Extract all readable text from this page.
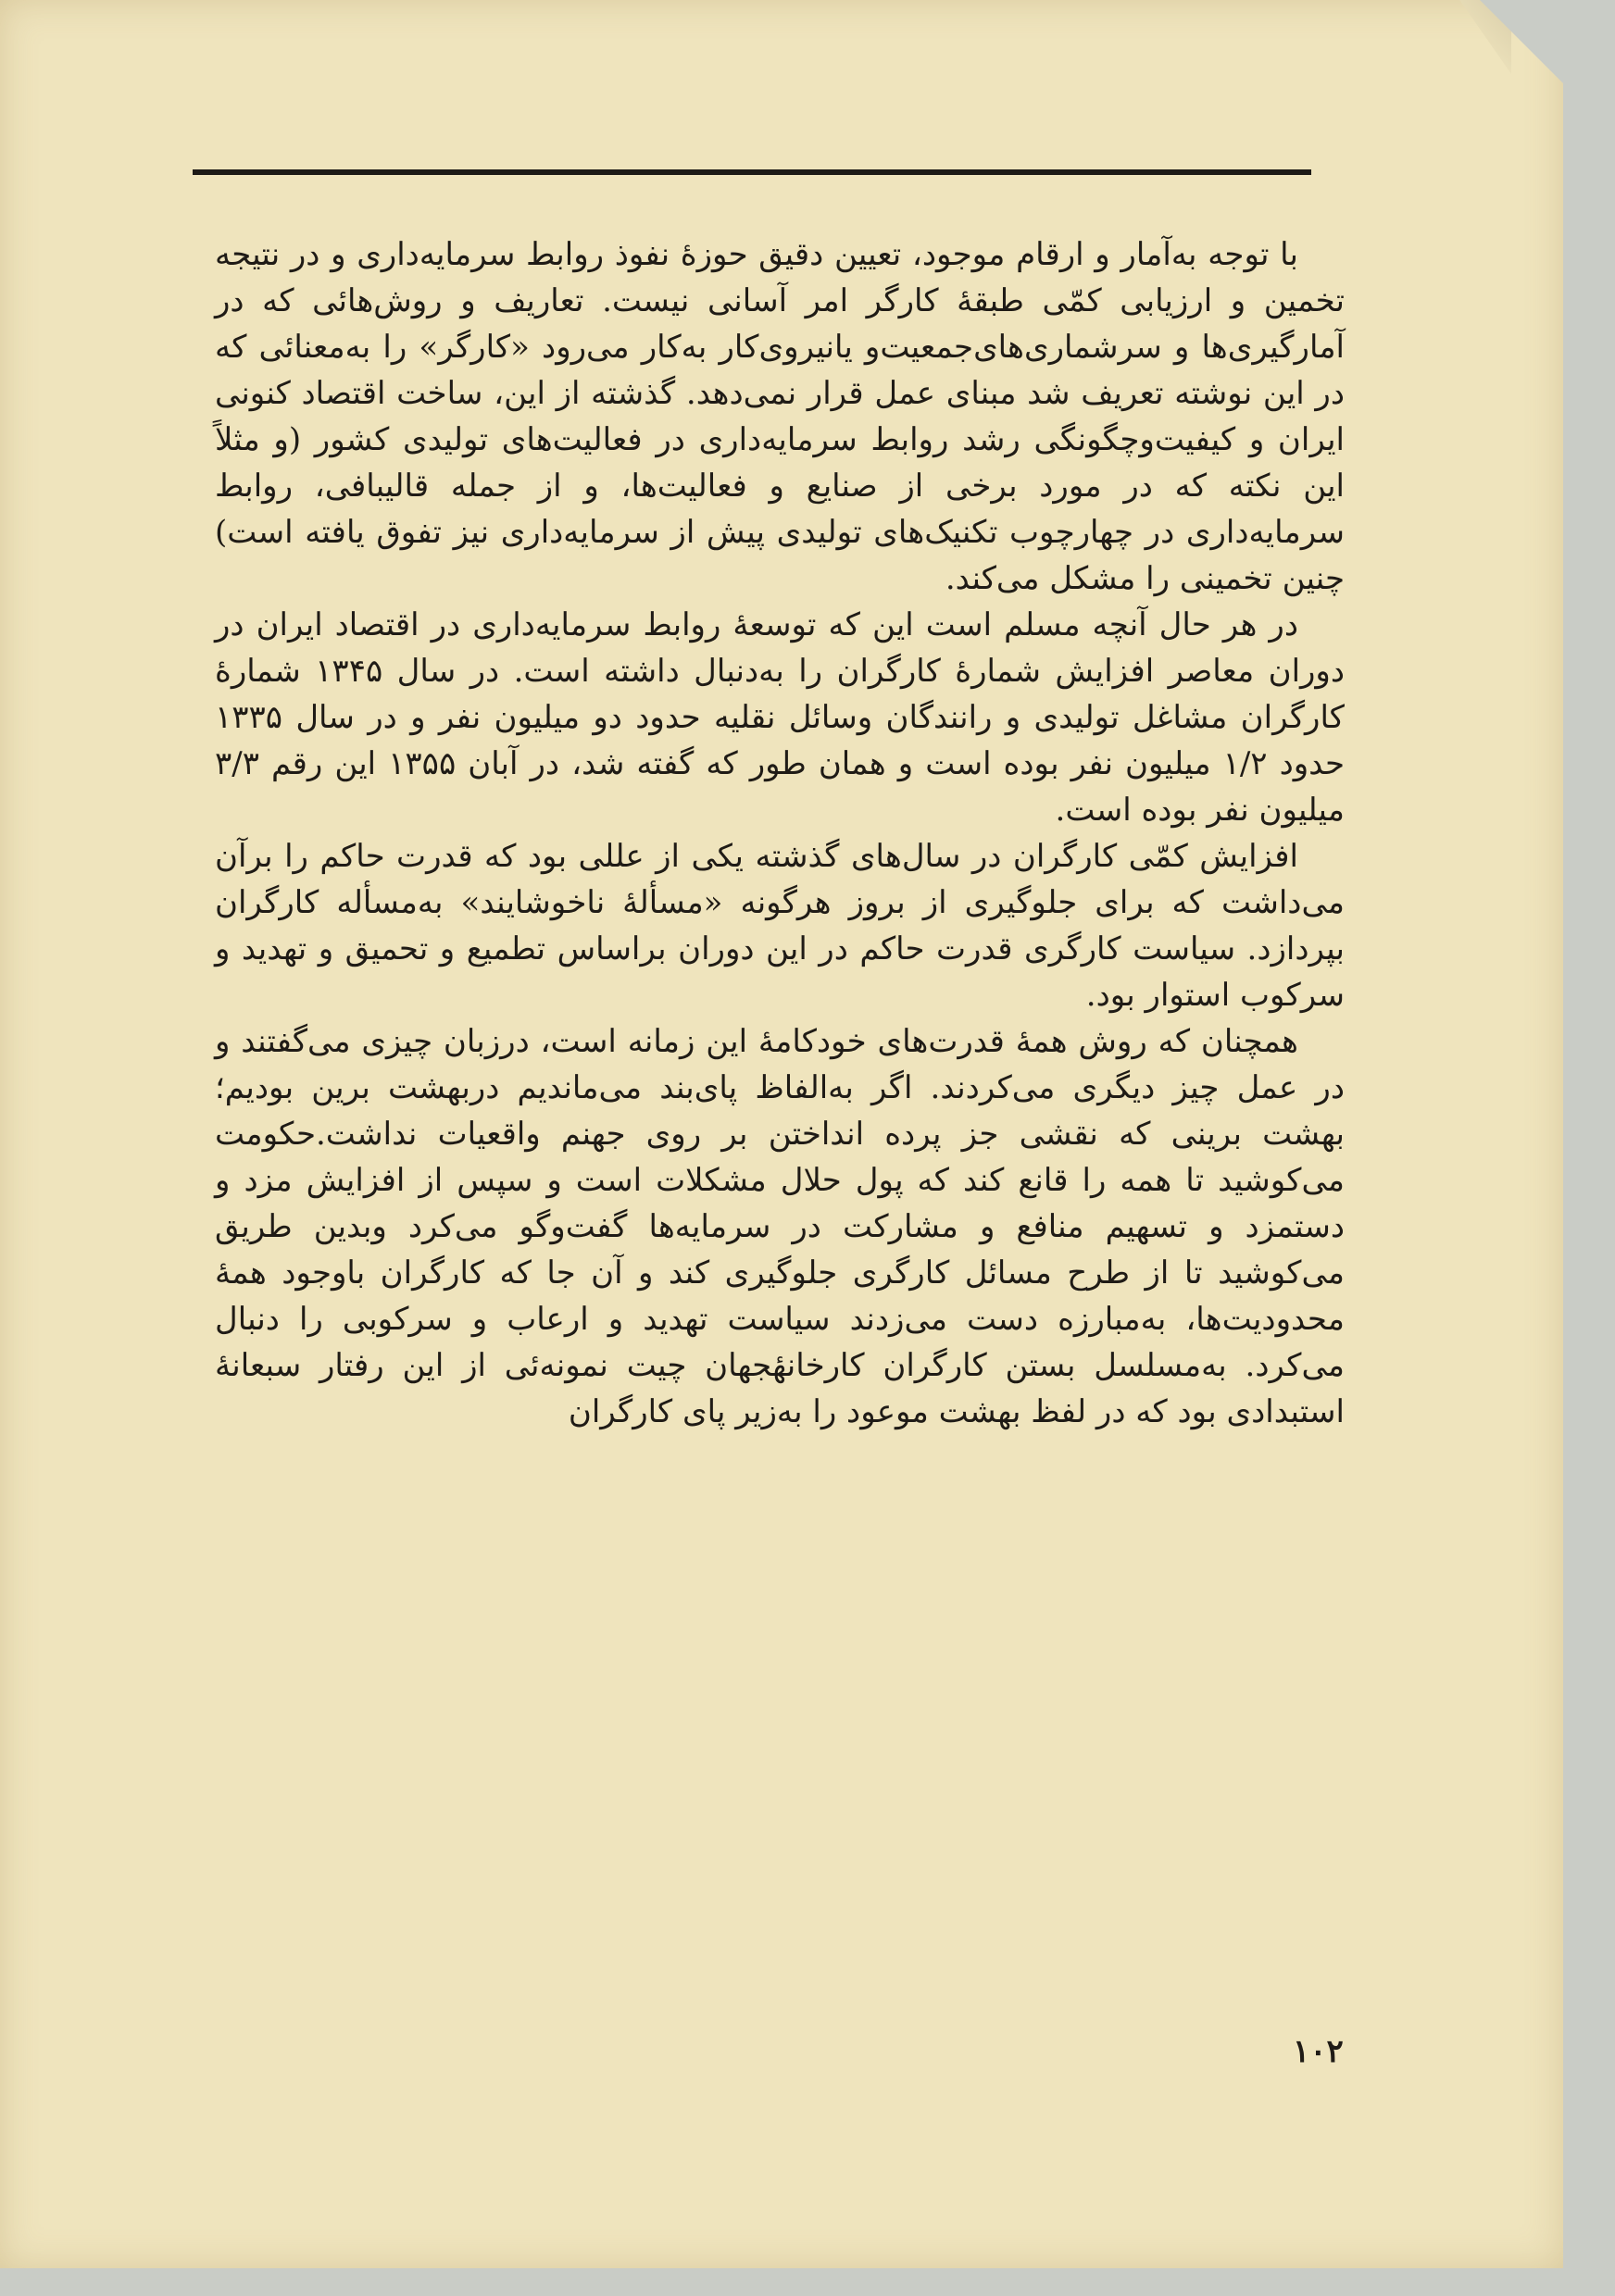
با توجه به‌آمار و ارقام موجود، تعیین دقیق حوزهٔ نفوذ روابط سرمایه‌داری و در نتیجه تخمین و ارزیابی کمّی طبقهٔ کارگر امر آسانی نیست. تعاریف و روش‌هائی که در آمارگیری‌ها و سرشماری‌های‌جمعیت‌و یانیروی‌کار به‌کار می‌رود «کارگر» را به‌معنائی که در این نوشته تعریف شد مبنای عمل قرار نمی‌دهد. گذشته از این، ساخت اقتصاد کنونی ایران و کیفیت‌وچگونگی رشد روابط سرمایه‌داری در فعالیت‌های تولیدی کشور (و مثلاً این نکته که در مورد برخی از صنایع و فعالیت‌ها، و از جمله قالیبافی، روابط سرمایه‌داری در چهارچوب تکنیک‌های تولیدی پیش از سرمایه‌داری نیز تفوق یافته است) چنین تخمینی را مشکل می‌کند.

در هر حال آنچه مسلم است این که توسعهٔ روابط سرمایه‌داری در اقتصاد ایران در دوران معاصر افزایش شمارهٔ کارگران را به‌دنبال داشته است. در سال ۱۳۴۵ شمارهٔ کارگران مشاغل تولیدی و رانندگان وسائل نقلیه حدود دو میلیون نفر و در سال ۱۳۳۵ حدود ۱/۲ میلیون نفر بوده است و همان طور که گفته شد، در آبان ۱۳۵۵ این رقم ۳/۳ میلیون نفر بوده است.

افزایش کمّی کارگران در سال‌های گذشته یکی از عللی بود که قدرت حاکم را برآن می‌داشت که برای جلوگیری از بروز هرگونه «مسألهٔ ناخوشایند» به‌مسأله کارگران بپردازد. سیاست کارگری قدرت حاکم در این دوران براساس تطمیع و تحمیق و تهدید و سرکوب استوار بود.

همچنان که روش همهٔ قدرت‌های خودکامهٔ این زمانه است، درزبان چیزی می‌گفتند و در عمل چیز دیگری می‌کردند. اگر به‌الفاظ پای‌بند می‌ماندیم دربهشت برین بودیم؛ بهشت برینی که نقشی جز پرده انداختن بر روی جهنم واقعیات نداشت.حکومت می‌کوشید تا همه را قانع کند که پول حلال مشکلات است و سپس از افزایش مزد و دستمزد و تسهیم منافع و مشارکت در سرمایه‌ها گفت‌وگو می‌کرد وبدین طریق می‌کوشید تا از طرح مسائل کارگری جلوگیری کند و آن جا که کارگران باوجود همهٔ محدودیت‌ها، به‌مبارزه دست می‌زدند سیاست تهدید و ارعاب و سرکوبی را دنبال می‌کرد. به‌مسلسل بستن کارگران کارخانهٔجهان چیت نمونه‌ئی از این رفتار سبعانهٔ استبدادی بود که در لفظ بهشت موعود را به‌زیر پای کارگران

۱۰۲
